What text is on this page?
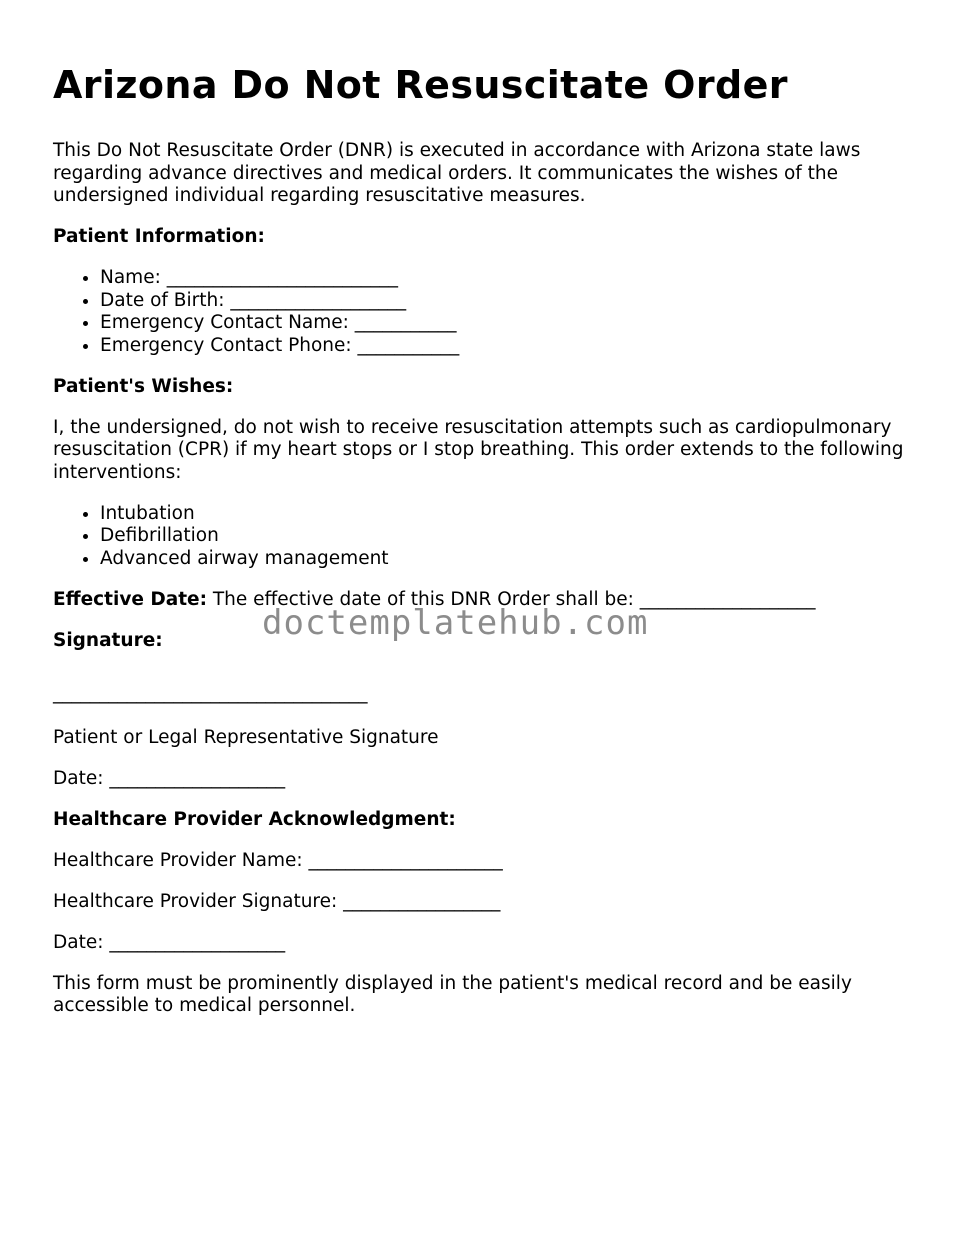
Arizona Do Not Resuscitate Order

This Do Not Resuscitate Order (DNR) is executed in accordance with Arizona state laws regarding advance directives and medical orders. It communicates the wishes of the undersigned individual regarding resuscitative measures.

Patient Information:

• Name: _________________________
• Date of Birth: ___________________
• Emergency Contact Name: ___________
• Emergency Contact Phone: ___________

Patient's Wishes:

I, the undersigned, do not wish to receive resuscitation attempts such as cardiopulmonary resuscitation (CPR) if my heart stops or I stop breathing. This order extends to the following interventions:

• Intubation
• Defibrillation
• Advanced airway management

Effective Date: The effective date of this DNR Order shall be: ___________________

Signature:

__________________________________

Patient or Legal Representative Signature

Date: ___________________

Healthcare Provider Acknowledgment:

Healthcare Provider Name: _____________________

Healthcare Provider Signature: _________________

Date: ___________________

This form must be prominently displayed in the patient's medical record and be easily accessible to medical personnel.

doctemplatehub.com
